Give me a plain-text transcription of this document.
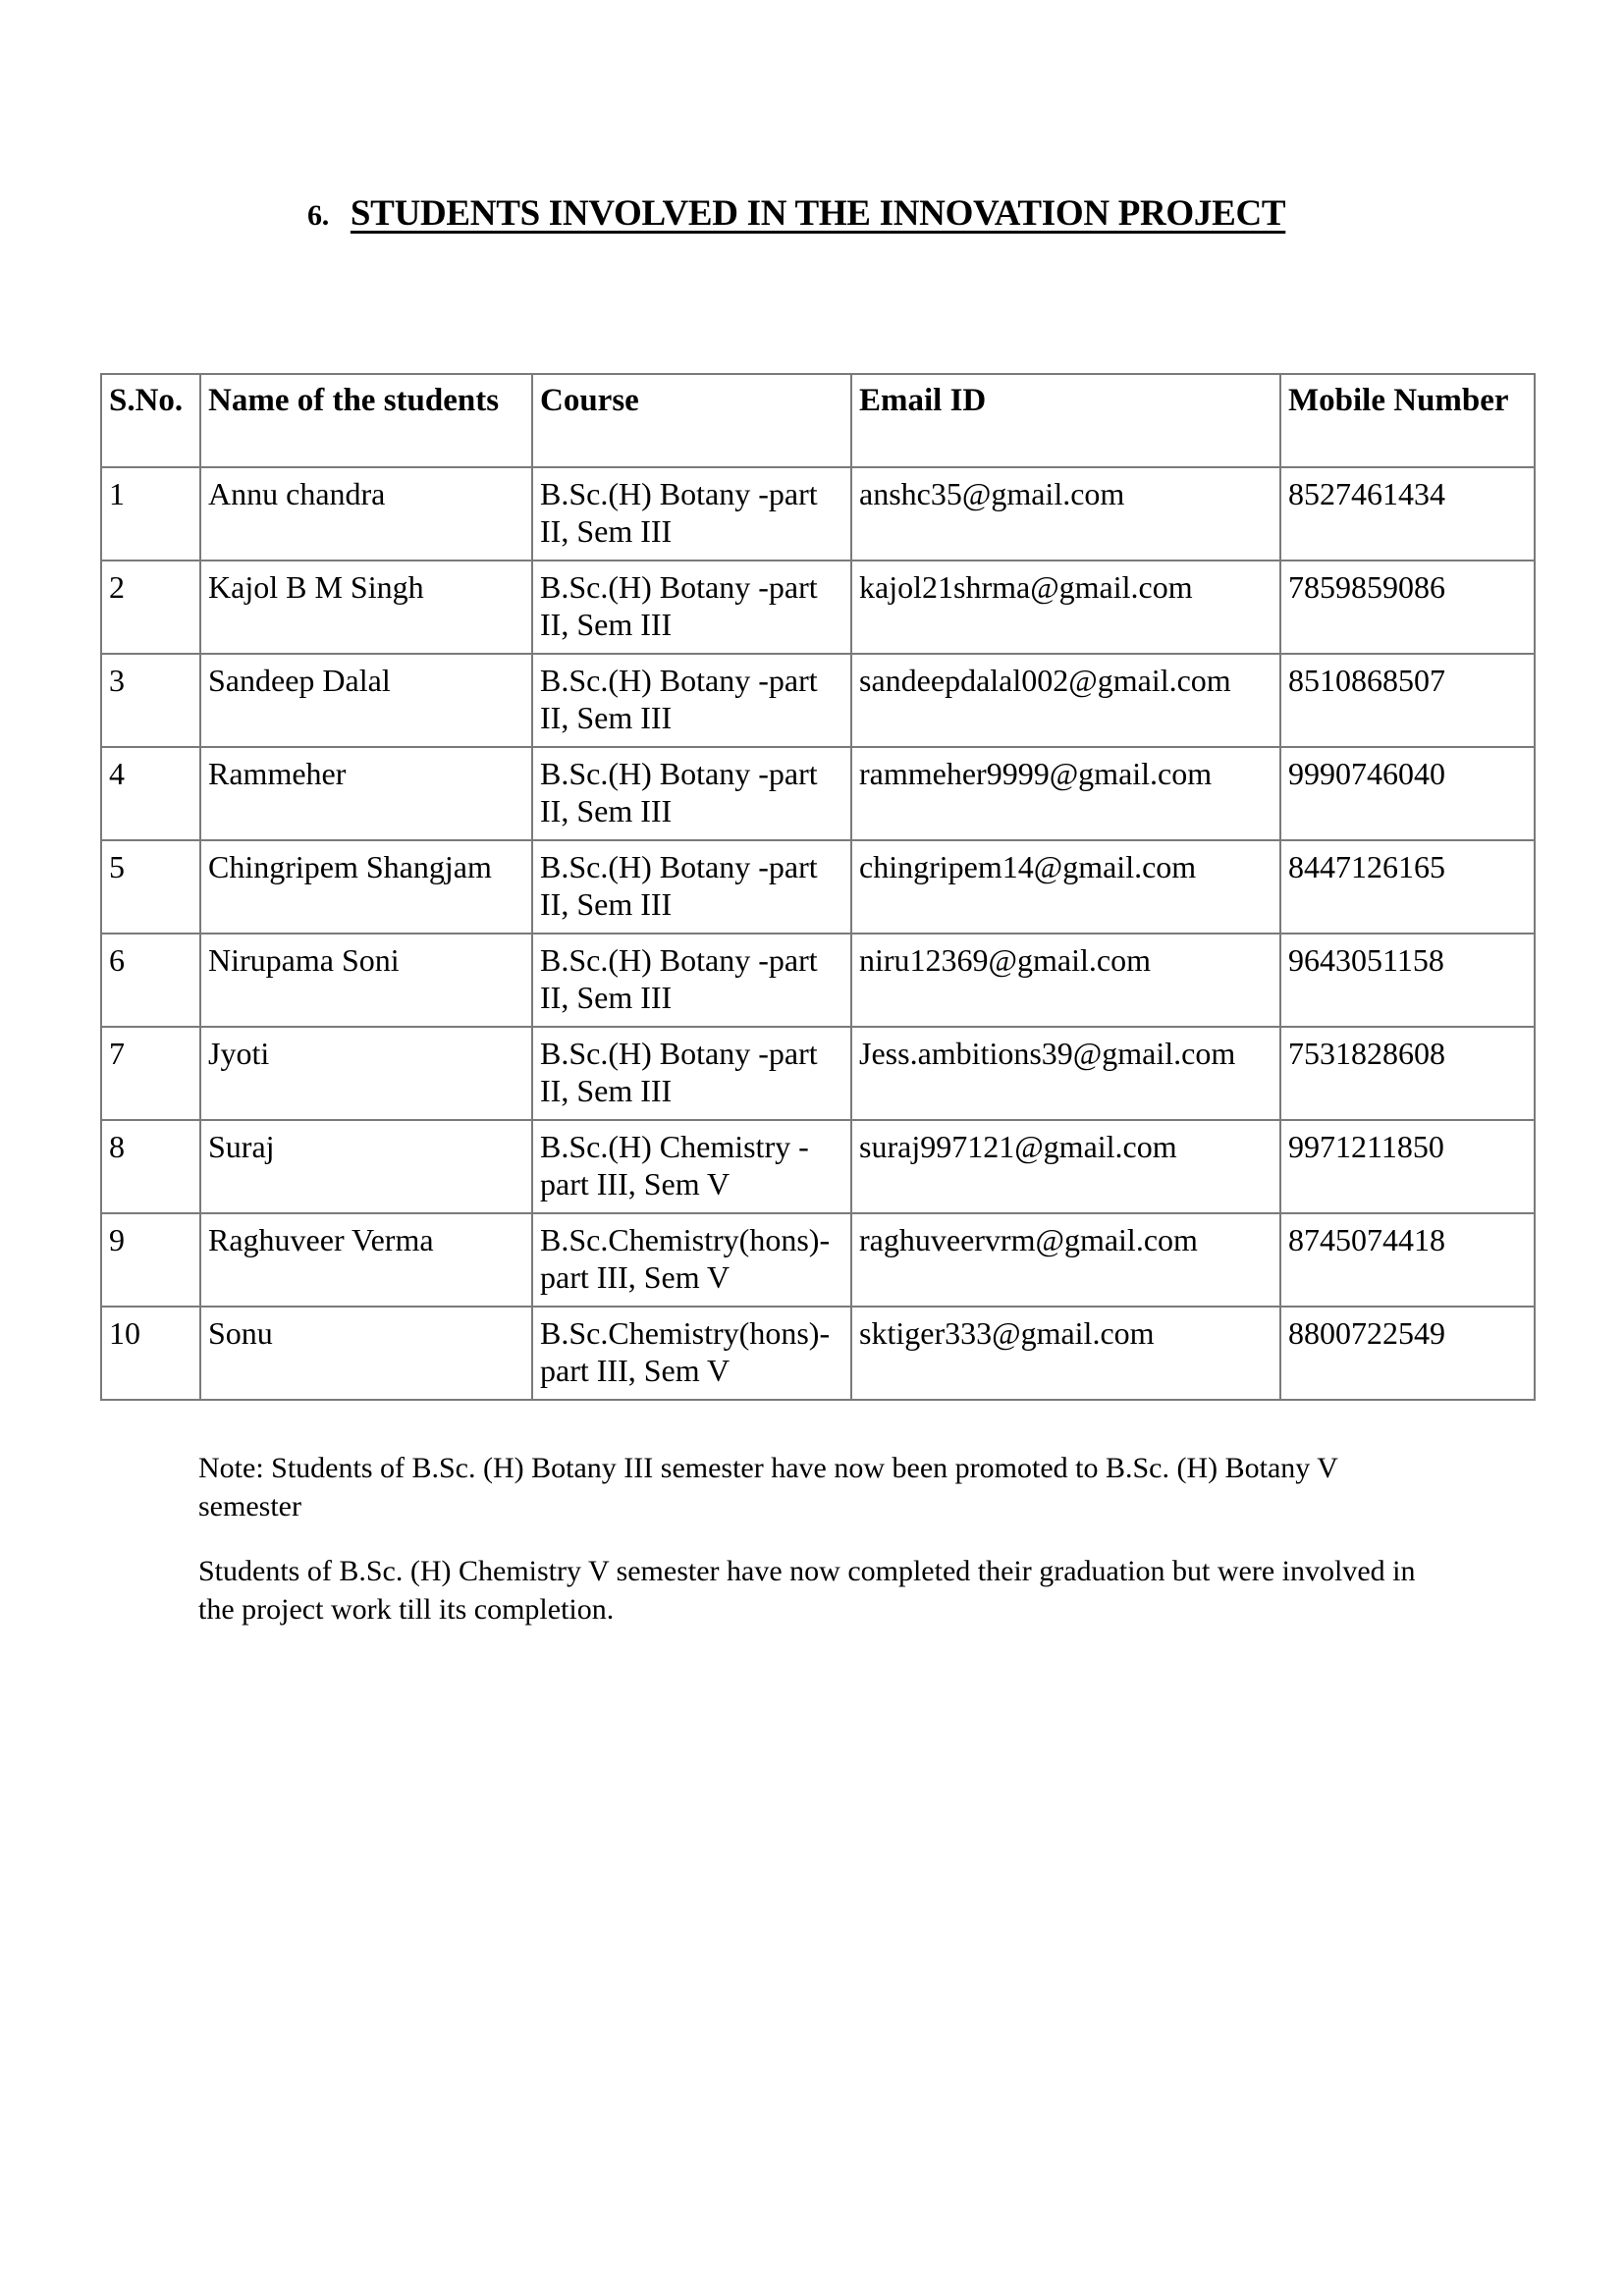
6. STUDENTS INVOLVED IN THE INNOVATION PROJECT
S.No.	Name of the students	Course	Email ID	Mobile Number
1	Annu chandra	B.Sc.(H) Botany -part II, Sem III	anshc35@gmail.com	8527461434
2	Kajol B M Singh	B.Sc.(H) Botany -part II, Sem III	kajol21shrma@gmail.com	7859859086
3	Sandeep Dalal	B.Sc.(H) Botany -part II, Sem III	sandeepdalal002@gmail.com	8510868507
4	Rammeher	B.Sc.(H) Botany -part II, Sem III	rammeher9999@gmail.com	9990746040
5	Chingripem Shangjam	B.Sc.(H) Botany -part II, Sem III	chingripem14@gmail.com	8447126165
6	Nirupama Soni	B.Sc.(H) Botany -part II, Sem III	niru12369@gmail.com	9643051158
7	Jyoti	B.Sc.(H) Botany -part II, Sem III	Jess.ambitions39@gmail.com	7531828608
8	Suraj	B.Sc.(H) Chemistry -part III, Sem V	suraj997121@gmail.com	9971211850
9	Raghuveer Verma	B.Sc.Chemistry(hons)-part III, Sem V	raghuveervrm@gmail.com	8745074418
10	Sonu	B.Sc.Chemistry(hons)-part III, Sem V	sktiger333@gmail.com	8800722549

Note: Students of B.Sc. (H) Botany III semester have now been promoted to B.Sc. (H) Botany V semester

Students of B.Sc. (H) Chemistry V semester have now completed their graduation but were involved in the project work till its completion.
